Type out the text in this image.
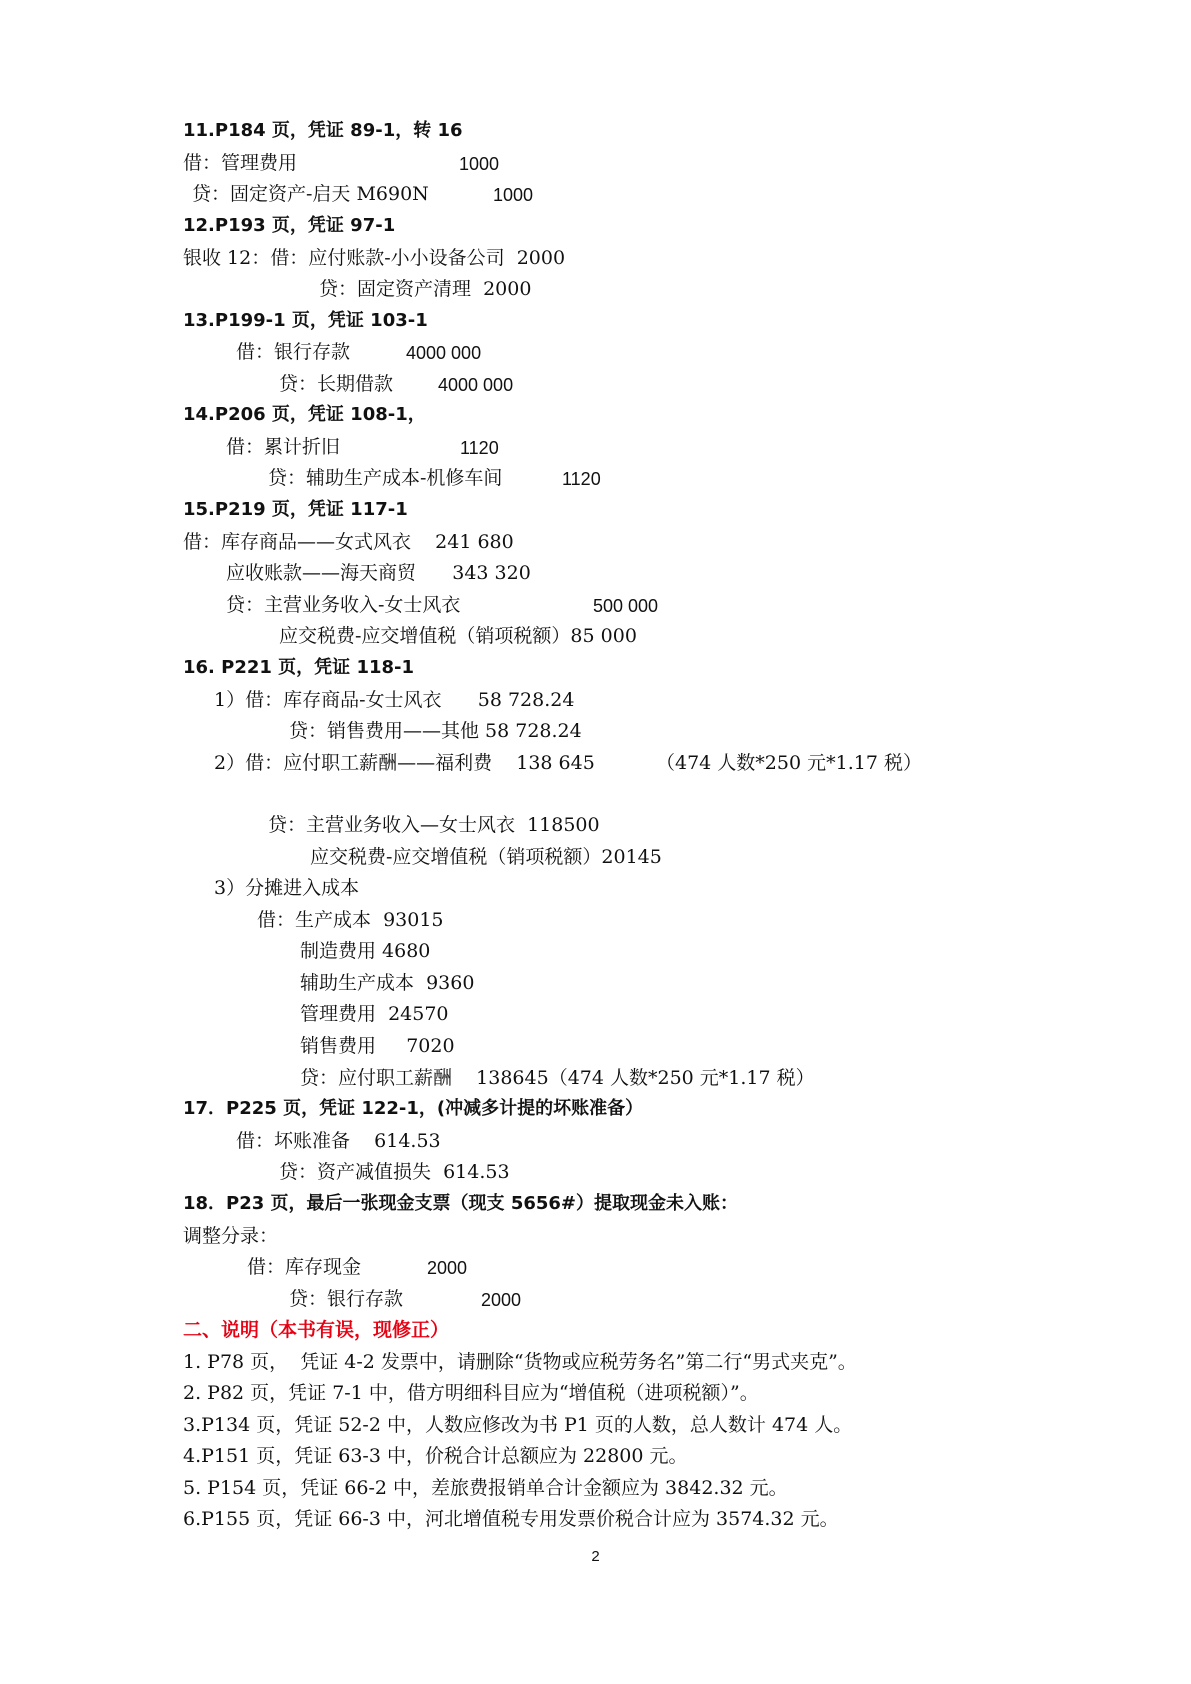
11.P184 页，凭证 89-1，转 16
借：管理费用	1000
贷：固定资产-启天 M690N	1000
12.P193 页，凭证 97-1
银收 12：借：应付账款-小小设备公司  2000
贷：固定资产清理  2000
13.P199-1 页，凭证 103-1
借：银行存款	4000 000
贷：长期借款 4000 000
14.P206 页，凭证 108-1，
借：累计折旧	1120
贷：辅助生产成本-机修车间	1120
15.P219 页，凭证 117-1
借：库存商品——女式风衣    241 680
应收账款——海天商贸      343 320
贷：主营业务收入-女士风衣	500 000
应交税费-应交增值税（销项税额）85 000
16. P221 页，凭证 118-1
1）借：库存商品-女士风衣      58 728.24
贷：销售费用——其他 58 728.24
2）借：应付职工薪酬——福利费    138 645	（474 人数*250 元*1.17 税）
贷：主营业务收入—女士风衣  118500
应交税费-应交增值税（销项税额）20145
3）分摊进入成本
借：生产成本  93015
制造费用 4680
辅助生产成本  9360
管理费用  24570
销售费用     7020
贷：应付职工薪酬    138645（474 人数*250 元*1.17 税）
17．P225 页，凭证 122-1，(冲减多计提的坏账准备）
借：坏账准备    614.53
贷：资产减值损失  614.53
18．P23 页，最后一张现金支票（现支 5656#）提取现金未入账：
调整分录：
借：库存现金	2000
贷：银行存款	2000
二、说明（本书有误，现修正）
1. P78 页，  凭证 4-2 发票中，请删除“货物或应税劳务名”第二行“男式夹克”。
2. P82 页，凭证 7-1 中，借方明细科目应为“增值税（进项税额）”。
3.P134 页，凭证 52-2 中，人数应修改为书 P1 页的人数，总人数计 474 人。
4.P151 页，凭证 63-3 中，价税合计总额应为 22800 元。
5. P154 页，凭证 66-2 中，差旅费报销单合计金额应为 3842.32 元。
6.P155 页，凭证 66-3 中，河北增值税专用发票价税合计应为 3574.32 元。
2
